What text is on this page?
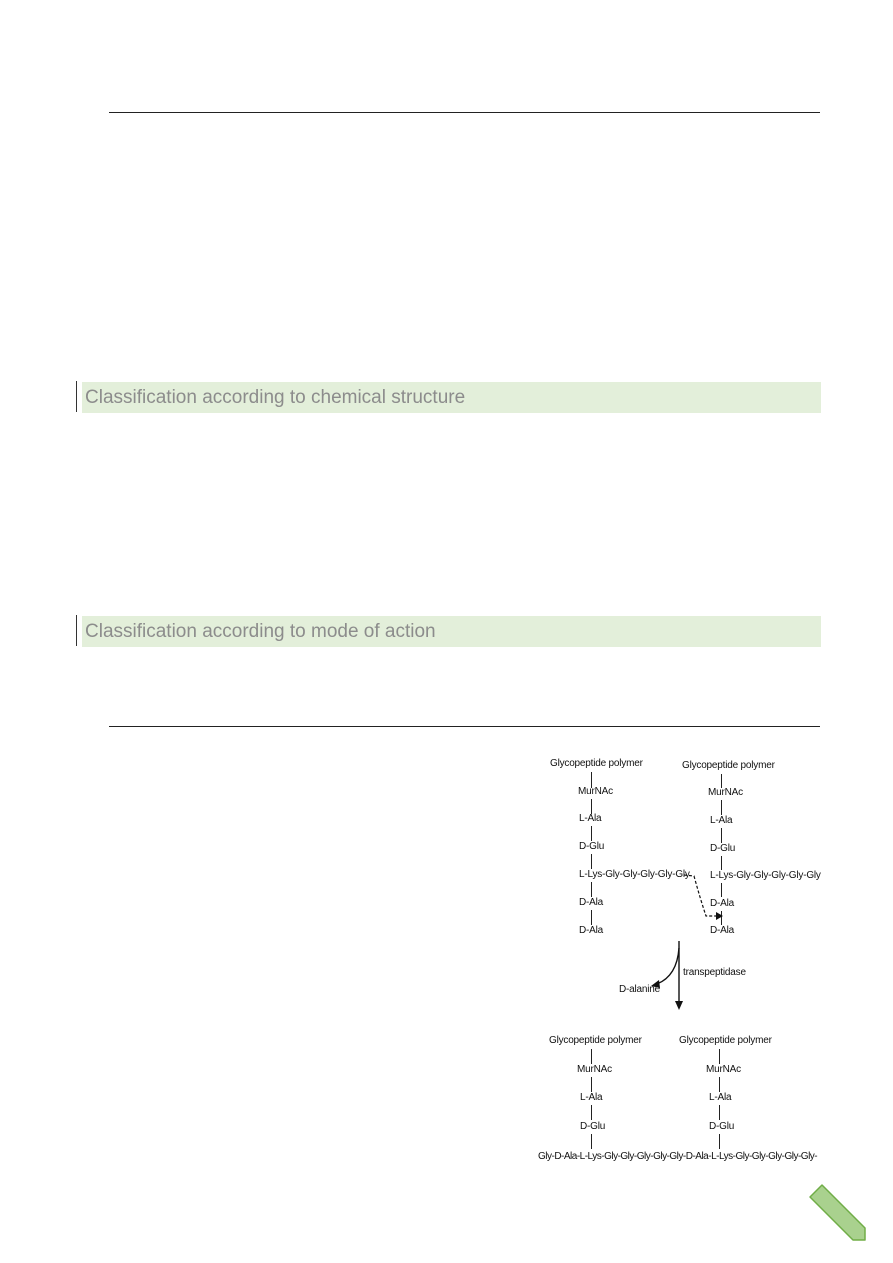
Classification according to chemical structure
Classification according to mode of action
Glycopeptide polymer
MurNAc
L-Ala
D-Glu
L-Lys-Gly-Gly-Gly-Gly-Gly
D-Ala
D-Ala
Glycopeptide polymer
MurNAc
L-Ala
D-Glu
L-Lys-Gly-Gly-Gly-Gly-Gly
D-Ala
D-Ala
transpeptidase
D-alanine
Glycopeptide polymer
MurNAc
L-Ala
D-Glu
Glycopeptide polymer
MurNAc
L-Ala
D-Glu
Gly-D-Ala-L-Lys-Gly-Gly-Gly-Gly-Gly-D-Ala-L-Lys-Gly-Gly-Gly-Gly-Gly-
